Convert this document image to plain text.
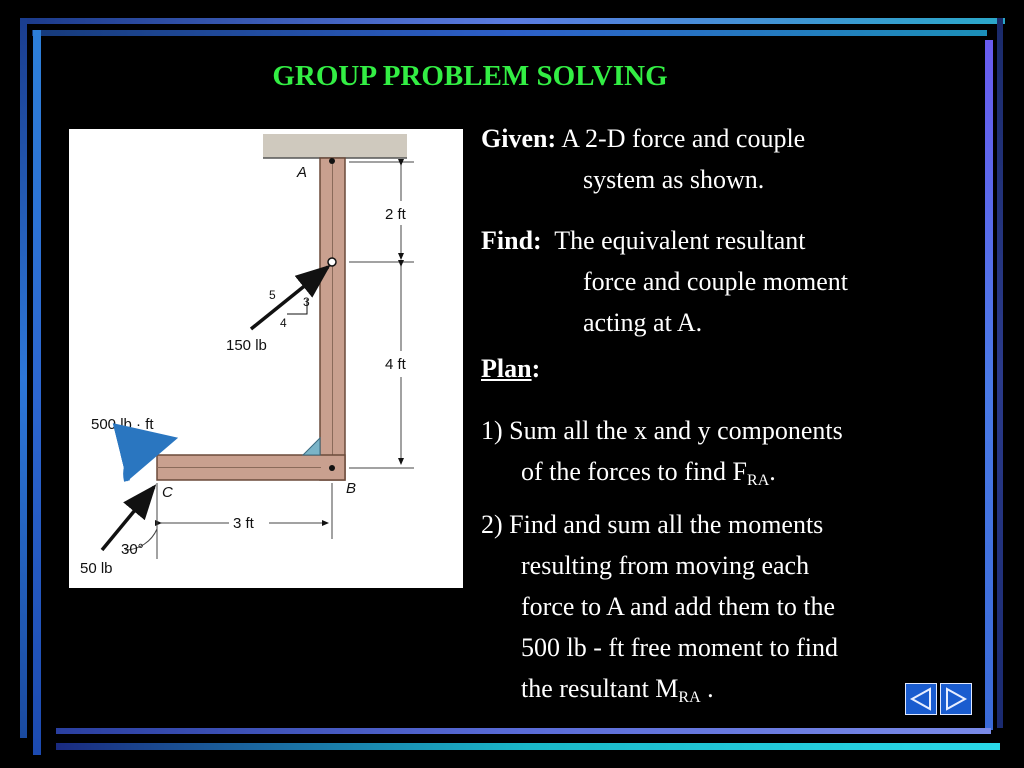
GROUP PROBLEM SOLVING
2 ft
4 ft
3 ft
5 3
4
150 lb
A
B
C
500 lb · ft
30°
50 lb
Given: A 2-D force and couple
system as shown.
Find: The equivalent resultant
force and couple moment
acting at A.
Plan:
1) Sum all the x and y components
of the forces to find $F_{RA}$.
2) Find and sum all the moments
resulting from moving each
force to A and add them to the
500 lb - ft free moment to find
the resultant $M_{RA}$ .
